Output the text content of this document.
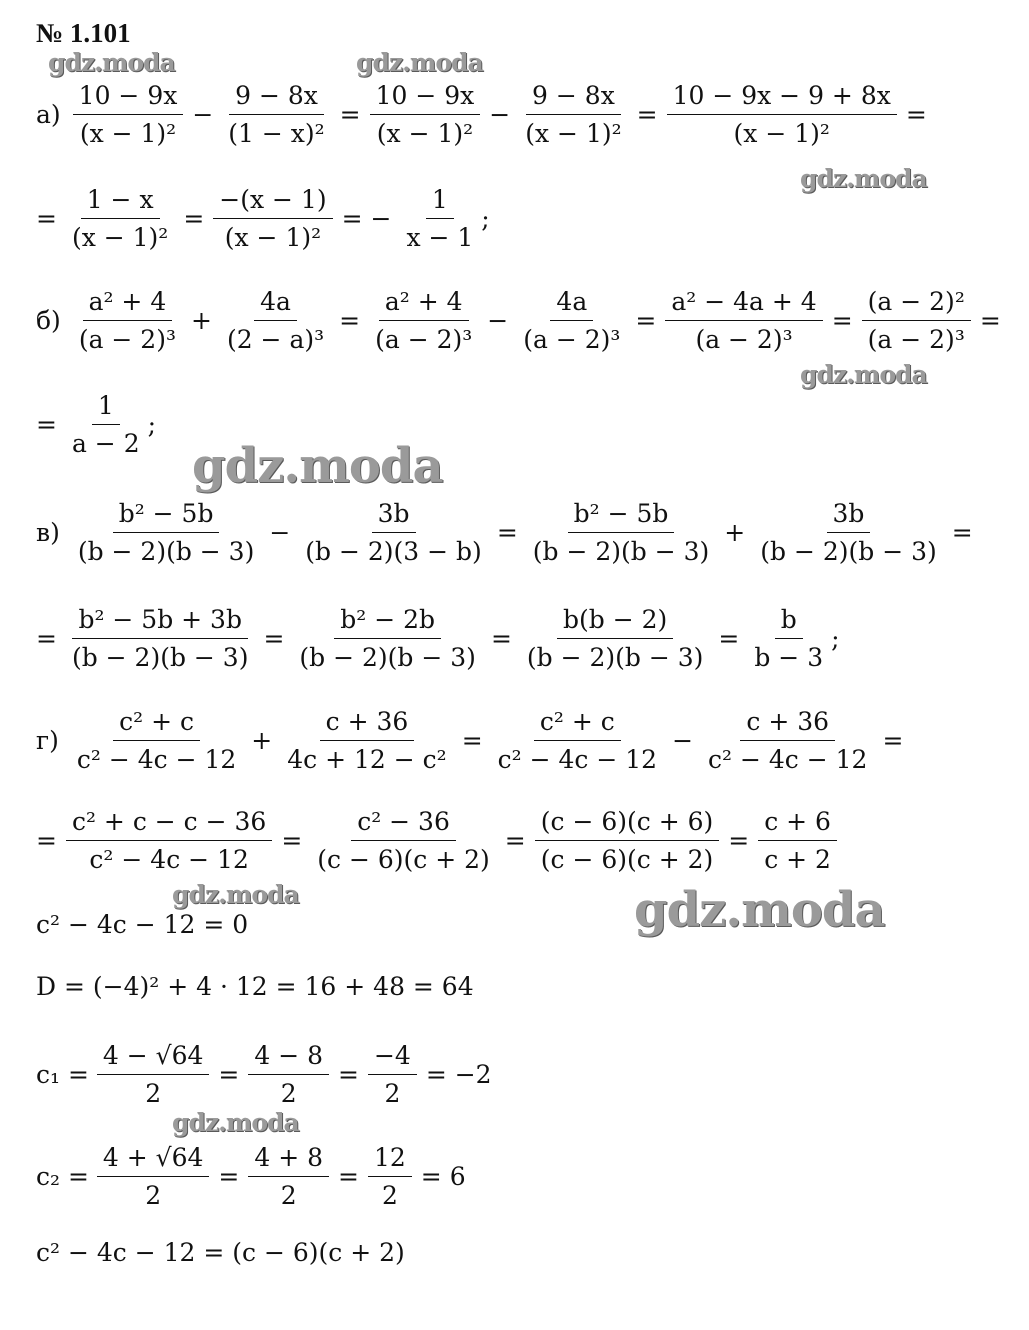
№ 1.101
gdz.moda	gdz.moda
gdz.moda
gdz.moda
gdz.moda
gdz.moda	gdz.moda
gdz.moda
$а) \frac{10 - 9x}{\text{(x − 1)²}} - \frac{9 - 8x}{\text{(1 − x)²}} = \frac{10 - 9x}{\text{(x − 1)²}} - \frac{9 - 8x}{\text{(x − 1)²}} = \frac{10 - 9x - 9 + 8x}{\text{(x − 1)²}}$ =
= $\frac{1 - x}{\text{(x − 1)²}} = \frac{-(x - 1)}{\text{(x − 1)²}}$ = − $\frac{1}{x - 1}$ ;
$б) \frac{\text{a² + 4}}{\text{(a − 2)³}} + \frac{4a}{\text{(2 − a)³}} = \frac{\text{a² + 4}}{\text{(a − 2)³}} - \frac{4a}{\text{(a − 2)³}} = \frac{\text{a² − 4a + 4}}{\text{(a − 2)³}} = \frac{\text{(a − 2)²}}{\text{(a − 2)³}}$ =
= $\frac{1}{a - 2}$ ;
$в) \frac{\text{b² − 5b}}{(b - 2)(b - 3)} - \frac{3b}{(b - 2)(3 - b)} = \frac{\text{b² − 5b}}{(b - 2)(b - 3)} + \frac{3b}{(b - 2)(b - 3)}$ =
= $\frac{\text{b² − 5b + 3b}}{(b - 2)(b - 3)} = \frac{\text{b² − 2b}}{(b - 2)(b - 3)} = \frac{b(b - 2)}{(b - 2)(b - 3)} = \frac{b}{b - 3}$ ;
$г) \frac{\text{c² + c}}{\text{c² − 4c − 12}} + \frac{c + 36}{\text{4c + 12 − c²}} = \frac{\text{c² + c}}{\text{c² − 4c − 12}} - \frac{c + 36}{\text{c² − 4c − 12}}$ =
= $\frac{\text{c² + c − c − 36}}{\text{c² − 4c − 12}} = \frac{\text{c² − 36}}{(c - 6)(c + 2)} = \frac{(c - 6)(c + 6)}{(c - 6)(c + 2)} = \frac{c + 6}{c + 2}$
c² − 4c − 12 = 0
D = (−4)² + 4 · 12 = 16 + 48 = 64
$c_1 = \frac{4 - √64}{2} = \frac{4 - 8}{2} = \frac{-4}{2} = -2$
$c_2 = \frac{4 + √64}{2} = \frac{4 + 8}{2} = \frac{12}{2} = 6$
c² − 4c − 12 = (c − 6)(c + 2)
